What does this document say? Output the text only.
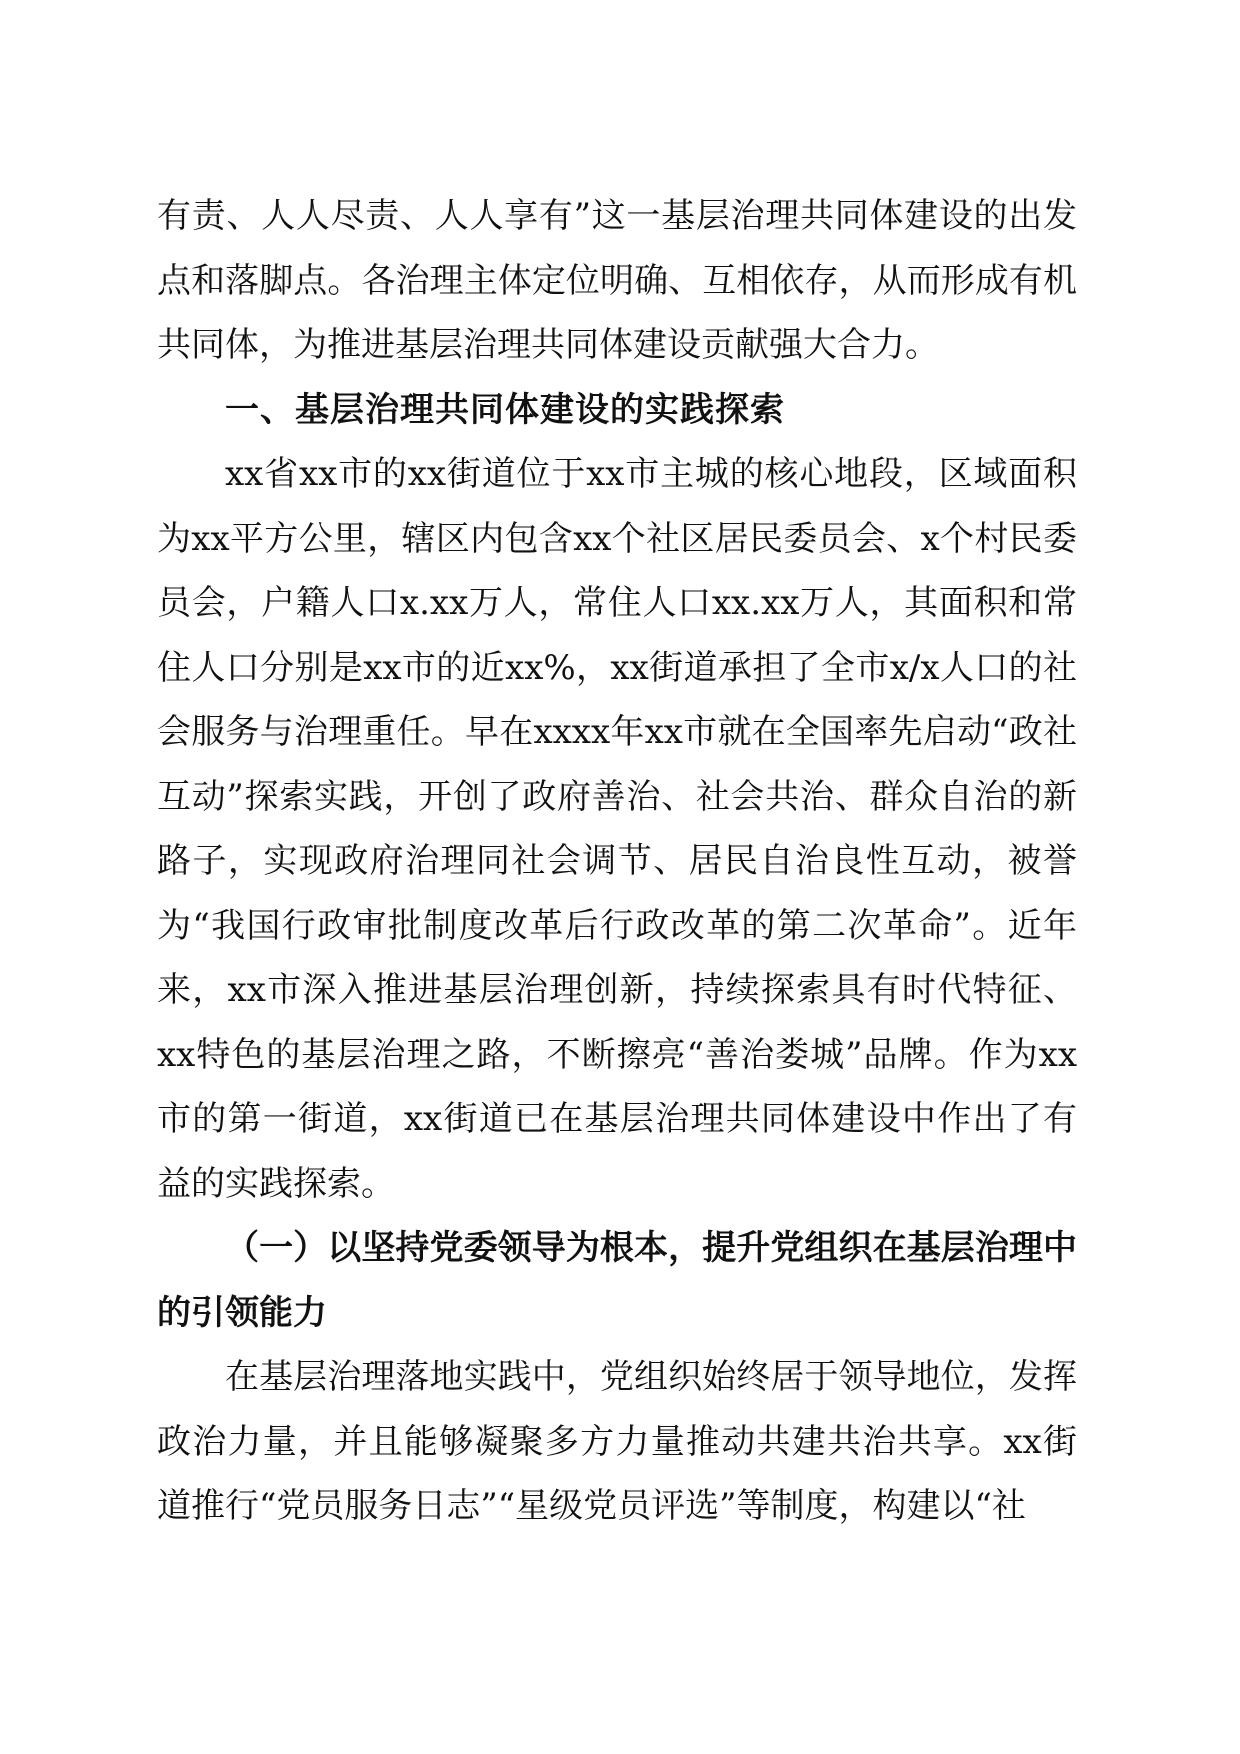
有责、人人尽责、人人享有”这一基层治理共同体建设的出发点和落脚点。各治理主体定位明确、互相依存，从而形成有机共同体，为推进基层治理共同体建设贡献强大合力。

一、基层治理共同体建设的实践探索

xx省xx市的xx街道位于xx市主城的核心地段，区域面积为xx平方公里，辖区内包含xx个社区居民委员会、x个村民委员会，户籍人口x.xx万人，常住人口xx.xx万人，其面积和常住人口分别是xx市的近xx%，xx街道承担了全市x/x人口的社会服务与治理重任。早在xxxx年xx市就在全国率先启动“政社互动”探索实践，开创了政府善治、社会共治、群众自治的新路子，实现政府治理同社会调节、居民自治良性互动，被誉为“我国行政审批制度改革后行政改革的第二次革命”。近年来，xx市深入推进基层治理创新，持续探索具有时代特征、xx特色的基层治理之路，不断擦亮“善治娄城”品牌。作为xx市的第一街道，xx街道已在基层治理共同体建设中作出了有益的实践探索。

（一）以坚持党委领导为根本，提升党组织在基层治理中的引领能力

在基层治理落地实践中，党组织始终居于领导地位，发挥政治力量，并且能够凝聚多方力量推动共建共治共享。xx街道推行“党员服务日志”“星级党员评选”等制度，构建以“社
